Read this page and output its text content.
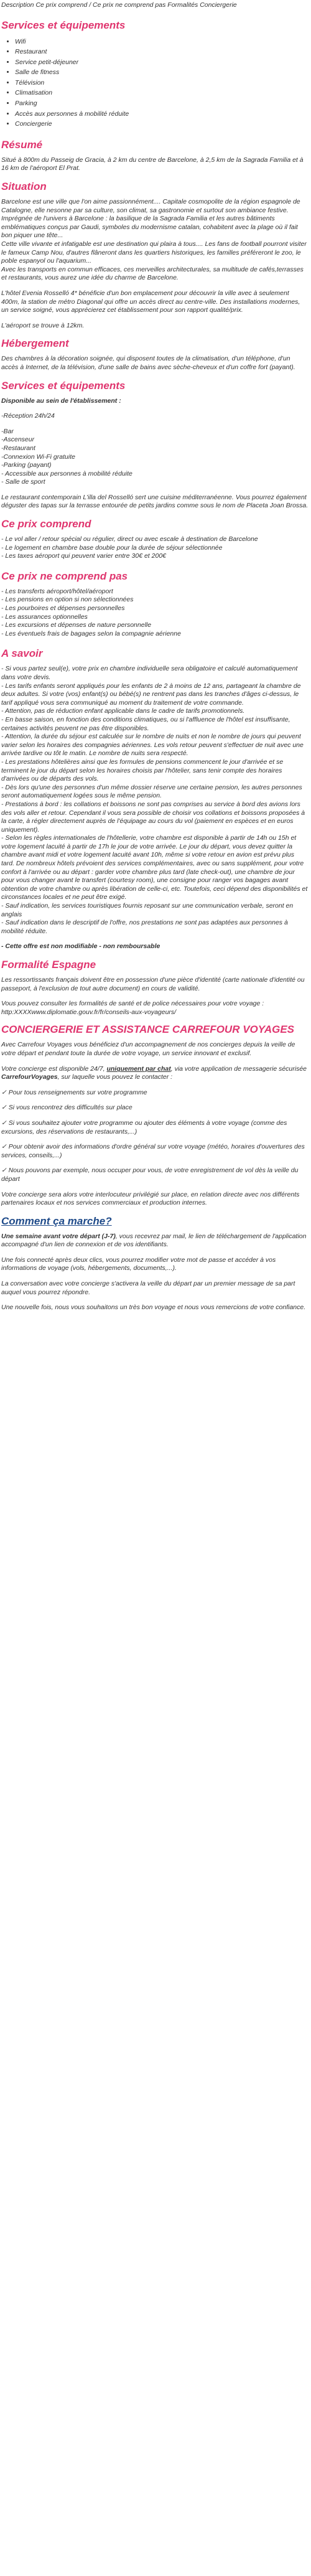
Description Ce prix comprend / Ce prix ne comprend pas Formalités Conciergerie
Services et équipements
• Wifi
• Restaurant
• Service petit-déjeuner
• Salle de fitness
• Télévision
• Climatisation
• Parking
• Accès aux personnes à mobilité réduite
• Conciergerie
Résumé

Situé à 800m du Passeig de Gracia, à 2 km du centre de Barcelone, à 2,5 km de la Sagrada Familia et à 16 km de l'aéroport El Prat.

Situation

Barcelone est une ville que l'on aime passionnément.... Capitale cosmopolite de la région espagnole de Catalogne, elle nesonne par sa culture, son climat, sa gastronomie et surtout son ambiance festive.

Imprégnée de l'univers à Barcelone : la basilique de la Sagrada Familia et les autres bâtiments emblématiques conçus par Gaudi, symboles du modernisme catalan, cohabitent avec la plage où il fait bon piquer une tête...

Cette ville vivante et infatigable est une destination qui plaira à tous.... Les fans de football pourront visiter le fameux Camp Nou, d'autres flâneront dans les quartiers historiques, les familles préféreront le zoo, le poble espanyol ou l'aquarium...

Avec les transports en commun efficaces, ces merveilles architecturales, sa multitude de cafés,terrasses et restaurants, vous aurez une idée du charme de Barcelone.

L'hôtel Evenia Rosselló 4* bénéficie d'un bon emplacement pour découvrir la ville avec à seulement 400m, la station de métro Diagonal qui offre un accès direct au centre-ville. Des installations modernes, un service soigné, vous apprécierez cet établissement pour son rapport qualité/prix.

L'aéroport se trouve à 12km.

Hébergement

Des chambres à la décoration soignée, qui disposent toutes de la climatisation, d'un téléphone, d'un accès à Internet, de la télévision, d'une salle de bains avec sèche-cheveux et d'un coffre fort (payant).

Services et équipements

Disponible au sein de l'établissement :

-Réception 24h/24

-Bar
-Ascenseur
-Restaurant
-Connexion Wi-Fi gratuite
-Parking (payant)
- Accessible aux personnes à mobilité réduite
- Salle de sport

Le restaurant contemporain L'illa del Rosselló sert une cuisine méditerranéenne. Vous pourrez également déguster des tapas sur la terrasse entourée de petits jardins comme sous le nom de Placeta Joan Brossa.

Ce prix comprend
- Le vol aller / retour spécial ou régulier, direct ou avec escale à destination de Barcelone
- Le logement en chambre base double pour la durée de séjour sélectionnée
- Les taxes aéroport qui peuvent varier entre 30€ et 200€
Ce prix ne comprend pas
- Les transferts aéroport/hôtel/aéroport
- Les pensions en option si non sélectionnées
- Les pourboires et dépenses personnelles
- Les assurances optionnelles
- Les excursions et dépenses de nature personnelle
- Les éventuels frais de bagages selon la compagnie aérienne
A savoir
- Si vous partez seul(e), votre prix en chambre individuelle sera obligatoire et calculé automatiquement dans votre devis.
- Les tarifs enfants seront appliqués pour les enfants de 2 à moins de 12 ans, partageant la chambre de deux adultes. Si votre (vos) enfant(s) ou bébé(s) ne rentrent pas dans les tranches d'âges ci-dessus, le tarif appliqué vous sera communiqué au moment du traitement de votre commande.
- Attention, pas de réduction enfant applicable dans le cadre de tarifs promotionnels.
- En basse saison, en fonction des conditions climatiques, ou si l'affluence de l'hôtel est insuffisante, certaines activités peuvent ne pas être disponibles.
- Attention, la durée du séjour est calculée sur le nombre de nuits et non le nombre de jours qui peuvent varier selon les horaires des compagnies aériennes. Les vols retour peuvent s'effectuer de nuit avec une arrivée tardive ou tôt le matin. Le nombre de nuits sera respecté.
- Les prestations hôtelières ainsi que les formules de pensions commencent le jour d'arrivée et se terminent le jour du départ selon les horaires choisis par l'hôtelier, sans tenir compte des horaires d'arrivées ou de départs des vols.
- Dès lors qu'une des personnes d'un même dossier réserve une certaine pension, les autres personnes seront automatiquement logées sous le même pension.
- Prestations à bord : les collations et boissons ne sont pas comprises au service à bord des avions lors des vols aller et retour. Cependant il vous sera possible de choisir vos collations et boissons proposées à la carte, à régler directement auprès de l'équipage au cours du vol (paiement en espèces et en euros uniquement).
- Selon les règles internationales de l'hôtellerie, votre chambre est disponible à partir de 14h ou 15h et votre logement lacuité à partir de 17h le jour de votre arrivée. Le jour du départ, vous devez quitter la chambre avant midi et votre logement lacuité avant 10h, même si votre retour en avion est prévu plus tard. De nombreux hôtels prévoient des services complémentaires, avec ou sans supplément, pour votre confort à l'arrivée ou au départ : garder votre chambre plus tard (late check-out), une chambre de jour pour vous changer avant le transfert (courtesy room), une consigne pour ranger vos bagages avant obtention de votre chambre ou après libération de celle-ci, etc. Toutefois, ceci dépend des disponibilités et circonstances locales et ne peut être exigé.
- Sauf indication, les services touristiques fournis reposant sur une communication verbale, seront en anglais
- Sauf indication dans le descriptif de l'offre, nos prestations ne sont pas adaptées aux personnes à mobilité réduite.

- Cette offre est non modifiable - non remboursable

Formalité Espagne

Les ressortissants français doivent être en possession d'une pièce d'identité (carte nationale d'identité ou passeport, à l'exclusion de tout autre document) en cours de validité.

Vous pouvez consulter les formalités de santé et de police nécessaires pour votre voyage : http:XXXXwww.diplomatie.gouv.fr/fr/conseils-aux-voyageurs/

CONCIERGERIE ET ASSISTANCE CARREFOUR VOYAGES

Avec Carrefour Voyages vous bénéficiez d'un accompagnement de nos concierges depuis la veille de votre départ et pendant toute la durée de votre voyage, un service innovant et exclusif.

Votre concierge est disponible 24/7, uniquement par chat, via votre application de messagerie sécurisée CarrefourVoyages, sur laquelle vous pouvez le contacter :

✓ Pour tous renseignements sur votre programme

✓ Si vous rencontrez des difficultés sur place

✓ Si vous souhaitez ajouter votre programme ou ajouter des éléments à votre voyage (comme des excursions, des réservations de restaurants,...)

✓ Pour obtenir avoir des informations d'ordre général sur votre voyage (météo, horaires d'ouvertures des services, conseils,...)

✓ Nous pouvons par exemple, nous occuper pour vous, de votre enregistrement de vol dès la veille du départ

Votre concierge sera alors votre interlocuteur privilégié sur place, en relation directe avec nos différents partenaires locaux et nos services commerciaux et production internes.

Comment ça marche?

Une semaine avant votre départ (J-7), vous recevrez par mail, le lien de téléchargement de l'application accompagné d'un lien de connexion et de vos identifiants.

Une fois connecté après deux clics, vous pourrez modifier votre mot de passe et accéder à vos informations de voyage (vols, hébergements, documents,...).

La conversation avec votre concierge s'activera la veille du départ par un premier message de sa part auquel vous pourrez répondre.

Une nouvelle fois, nous vous souhaitons un très bon voyage et nous vous remercions de votre confiance.
